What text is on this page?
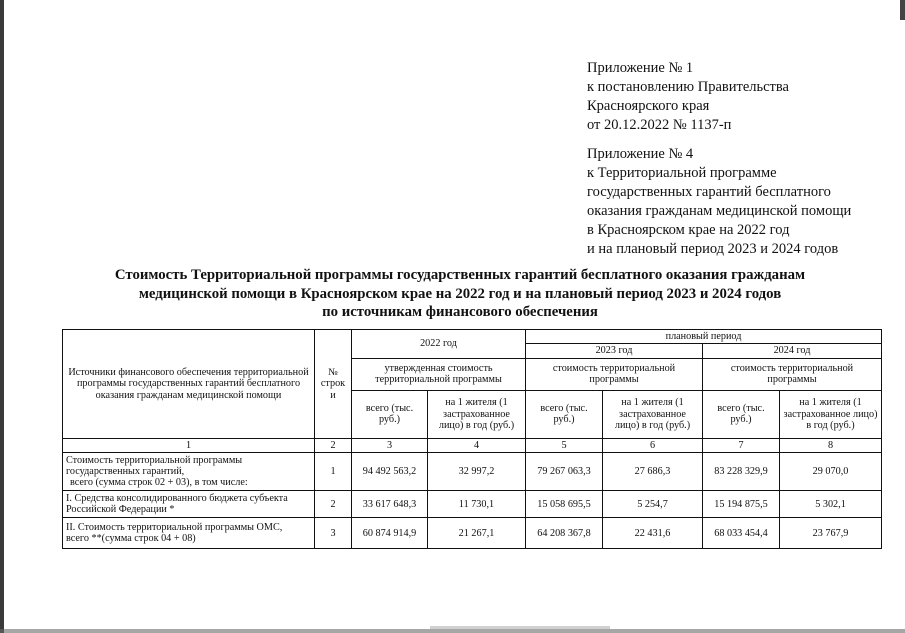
Приложение № 1
к постановлению Правительства
Красноярского края
от 20.12.2022 № 1137-п
Приложение № 4
к Территориальной программе
государственных гарантий бесплатного
оказания гражданам медицинской помощи
в Красноярском крае на 2022 год
и на плановый период 2023 и 2024 годов
Стоимость Территориальной программы государственных гарантий бесплатного оказания гражданам
медицинской помощи в Красноярском крае на 2022 год и на плановый период 2023 и 2024 годов
по источникам финансового обеспечения
Источники финансового обеспечения территориальной программы государственных гарантий бесплатного оказания гражданам медицинской помощи	№ строк и	2022 год		плановый период			
				2023 год		2024 год	
		утвержденная стоимость территориальной программы		стоимость территориальной программы		стоимость территориальной программы	
		всего (тыс. руб.)	на 1 жителя (1 застрахованное лицо) в год (руб.)	всего (тыс. руб.)	на 1 жителя (1 застрахованное лицо) в год (руб.)	всего (тыс. руб.)	на 1 жителя (1 застрахованное лицо) в год (руб.)
1	2	3	4	5	6	7	8

Стоимость территориальной программы
государственных гарантий,
всего (сумма строк 02 + 03), в том числе:	1	94 492 563,2	32 997,2	79 267 063,3	27 686,3	83 228 329,9	29 070,0

I. Средства консолидированного бюджета субъекта
Российской Федерации *	2	33 617 648,3	11 730,1	15 058 695,5	5 254,7	15 194 875,5	5 302,1

II. Стоимость территориальной программы ОМС,
всего **(сумма строк 04 + 08)	3	60 874 914,9	21 267,1	64 208 367,8	22 431,6	68 033 454,4	23 767,9
